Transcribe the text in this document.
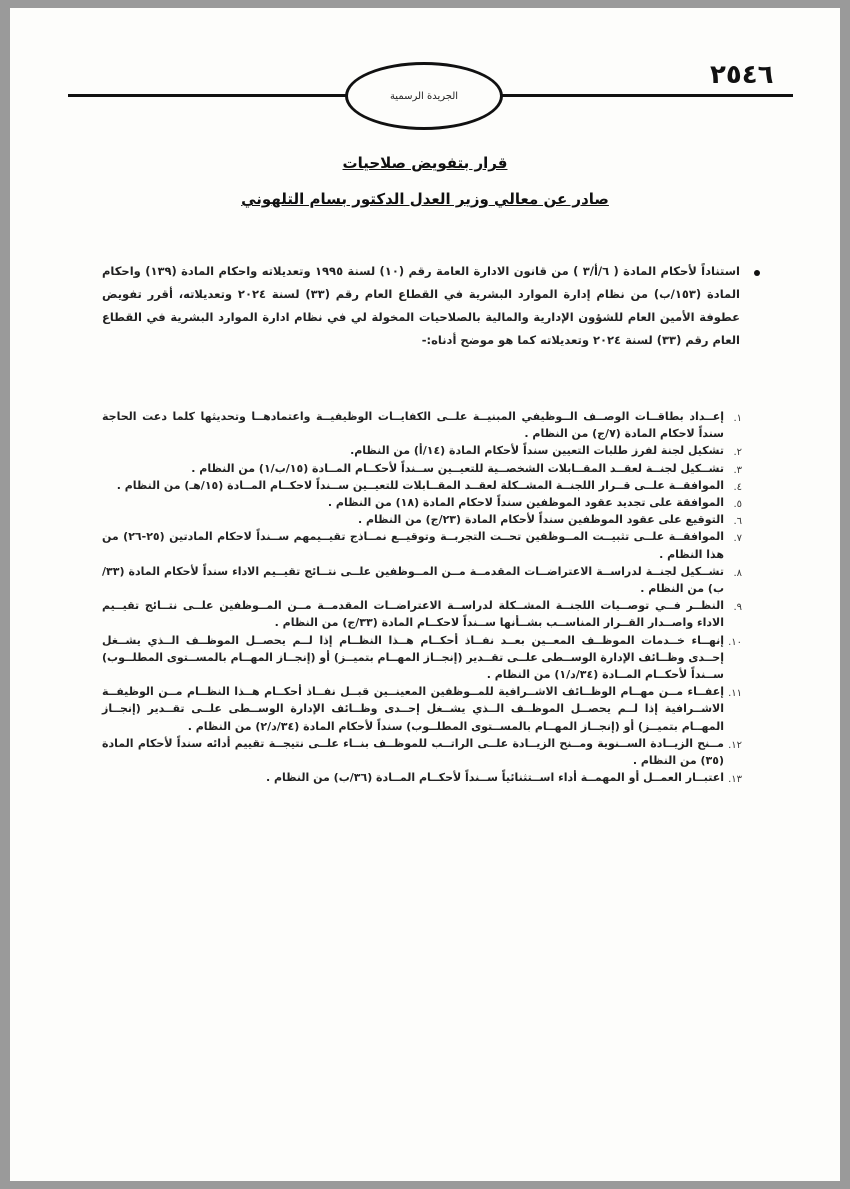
الجريدة الرسمية
٢٥٤٦
قرار بتفويض صلاحيات
صادر عن معالي وزير العدل الدكتور بسام التلهوني
استناداً لأحكام المادة ( ٦/أ/٣ ) من قانون الادارة العامة رقم (١٠) لسنة ١٩٩٥ وتعديلاته واحكام المادة (١٣٩) واحكام المادة (١٥٣/ب) من نظام إدارة الموارد البشرية في القطاع العام رقم (٣٣) لسنة ٢٠٢٤ وتعديلاته، أقرر تفويض عطوفة الأمين العام للشؤون الإدارية والمالية بالصلاحيات المخولة لي في نظام ادارة الموارد البشرية في القطاع العام رقم (٣٣) لسنة ٢٠٢٤ وتعديلاته كما هو موضح أدناه:-
١.
إعــداد بطاقــات الوصــف الــوظيفي المبنيــة علــى الكفايــات الوظيفيــة واعتمادهــا وتحديثها كلما دعت الحاجة سنداً لاحكام المادة (٧/ج) من النظام .
٢.
تشكيل لجنة لفرز طلبات التعيين سنداً لأحكام المادة (١٤/أ) من النظام.
٣.
تشــكيل لجنــة لعقــد المقــابلات الشخصــية للتعيــين ســنداً لأحكــام المــادة (١٥/ب/١) من النظام .
٤.
الموافقــة علــى قــرار اللجنــة المشــكلة لعقــد المقــابلات للتعيــين ســنداً لاحكــام المــادة (١٥/هـ) من النظام .
٥.
الموافقة على تجديد عقود الموظفين سنداً لاحكام المادة (١٨) من النظام .
٦.
التوقيع على عقود الموظفين سنداً لأحكام المادة (٢٣/ج) من النظام .
٧.
الموافقــة علــى تثبيــت المــوظفين تحــت التجربــة وتوقيــع نمــاذج تقيــيمهم ســنداً لاحكام المادتين (٢٥-٢٦) من هذا النظام .
٨.
تشــكيل لجنــة لدراســة الاعتراضــات المقدمــة مــن المــوظفين علــى نتــائج تقيــيم الاداء سنداً لأحكام المادة (٣٣/ب) من النظام .
٩.
النظــر فــي توصــيات اللجنــة المشــكلة لدراســة الاعتراضــات المقدمــة مــن المــوظفين علــى نتــائج تقيــيم الاداء واصــدار القــرار المناســب بشــأنها ســنداً لاحكــام المادة (٣٣/ج) من النظام .
١٠.
إنهــاء خــدمات الموظــف المعــين بعــد نفــاذ أحكــام هــذا النظــام إذا لــم يحصــل الموظــف الــذي يشــغل إحــدى وظــائف الإدارة الوســطى علــى تقــدير (إنجــاز المهــام بتميــز) أو (إنجــاز المهــام بالمســتوى المطلــوب) ســنداً لأحكــام المــادة (٣٤/د/١) من النظام .
١١.
إعفــاء مــن مهــام الوظــائف الاشــرافية للمــوظفين المعينــين قبــل نفــاذ أحكــام هــذا النظــام مــن الوظيفــة الاشــرافية إذا لــم يحصــل الموظــف الــذي يشــغل إحــدى وظــائف الإدارة الوســطى علــى تقــدير (إنجــاز المهــام بتميــز) أو (إنجــاز المهــام بالمســتوى المطلــوب) سنداً لأحكام المادة (٣٤/د/٢) من النظام .
١٢.
مــنح الزيــادة الســنوية ومــنح الزيــادة علــى الراتــب للموظــف بنــاء علــى نتيجــة تقييم أدائه سنداً لأحكام المادة (٣٥) من النظام .
١٣.
اعتبــار العمــل أو المهمــة أداء اســتثنائياً ســنداً لأحكــام المــادة (٣٦/ب) من النظام .
